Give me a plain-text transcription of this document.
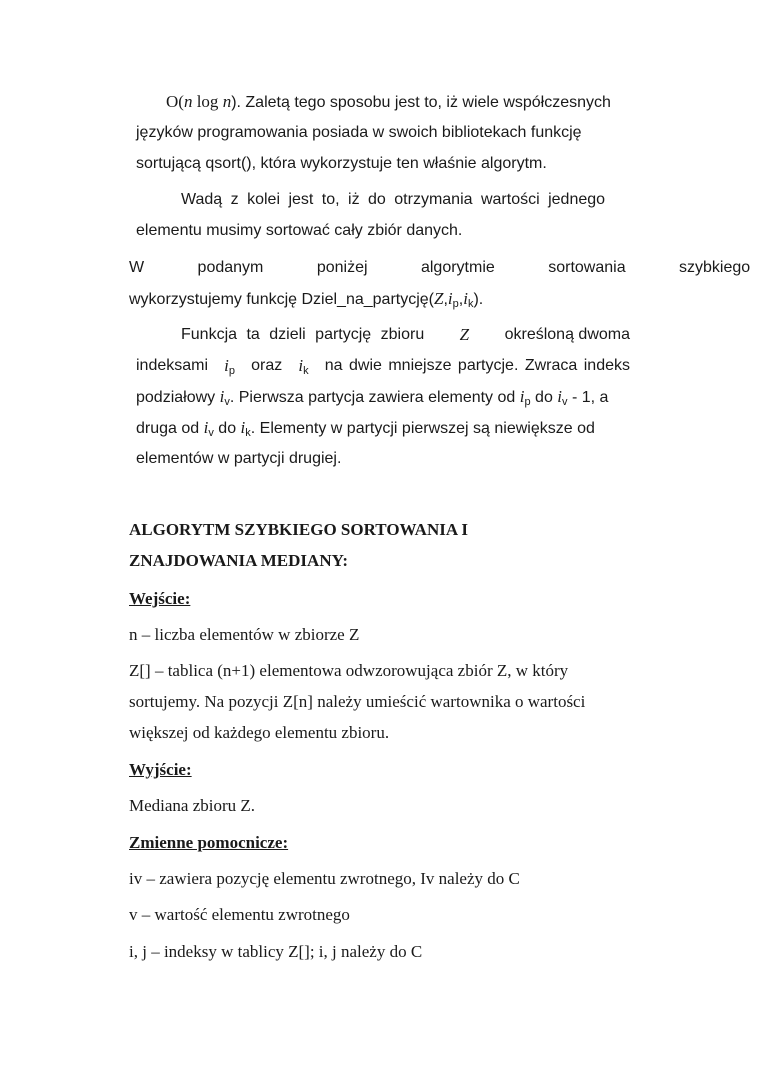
O(n log n). Zaletą tego sposobu jest to, iż wiele współczesnych
języków programowania posiada w swoich bibliotekach funkcję
sortującą qsort(), która wykorzystuje ten właśnie algorytm.
Wadą z kolei jest to, iż do otrzymania wartości jednego
elementu musimy sortować cały zbiór danych.
W podanym poniżej algorytmie sortowania szybkiego
wykorzystujemy funkcję $Dziel\_na\_partycję(Z,i_p,i_k)$.
Funkcja ta dzieli partycję zbioru Z określoną dwoma
indeksami $i_p$ oraz $i_k$ na dwie mniejsze partycje. Zwraca indeks
podziałowy $i_v$. Pierwsza partycja zawiera elementy od $i_p$ do $i_v - 1$, a
druga od $i_v$ do $i_k$. Elementy w partycji pierwszej są niewiększe od
elementów w partycji drugiej.
ALGORYTM SZYBKIEGO SORTOWANIA I
ZNAJDOWANIA MEDIANY:
Wejście:
n – liczba elementów w zbiorze Z
Z[] – tablica (n+1) elementowa odwzorowująca zbiór Z, w który
sortujemy. Na pozycji Z[n] należy umieścić wartownika o wartości
większej od każdego elementu zbioru.
Wyjście:
Mediana zbioru Z.
Zmienne pomocnicze:
iv – zawiera pozycję elementu zwrotnego, Iv należy do C
v – wartość elementu zwrotnego
i, j – indeksy w tablicy Z[]; i, j należy do C
